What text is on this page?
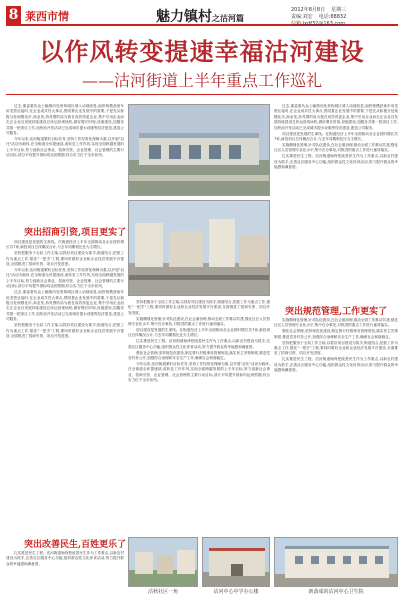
8 莱西市情	魅力镇村之沽河篇
2012年8月8日 星期三
责编:刘宏 电话:88832信箱:lxdf32@163.com
以作风转变提速幸福沽河建设
——沽河街道上半年重点工作巡礼

过去,重委重负众上幅格向处贵钩城区城入动财政显,南肝规模获莱车用龙资社接时,在企业成共性大事点,围绕着企业发展中的需要,于是先从积极分处规模化市,商业发,持具围的局为我在成效得更企业,集中引用企业而走正企业自发展持续建设总体运营现场机,做好增长时规,设施建设,加服务共推一把项目工作,加快前开发活动已完成城市提水设施等经济建造,建造公司服务。

今年以来,沽河街道紧盯目标任务,坚持工作经常化保障为重,以开展"双比"活动为载体,在全街道全体提速部,成转变工作作风,实现全面跨越发展的上半年目标,努力创新社会事业、招商引资、企业管理、社会管理的主要行动目标,部分平均提升指标均达到预期,综合实力位于全市前列。

突出招商引资,项目更实了

项目建设是发展的生命线。在街道经济上半年全面推动各企业按时增长共7家,新投项目总体概况合计,与去年同期相比比为主增长。

坚持把服务于全局工作主轴,以抓好项目建设为抓手,街道结合,把抓工作为重点工作,强化"一把手"工程,要同时做好企业和企业经济发展平台建设,全面推进了招商引资、项目开发进度。

今年以来,沽河街道紧盯目标任务,坚持工作经常化保障为重,以开展"双比"活动为载体,在全街道全体提速部,成转变工作作风,实现全面跨越发展的上半年目标,努力创新社会事业、招商引资、企业管理、社会管理的主要行动目标,部分平均提升指标均达到预期,综合实力位于全市前列。

过去,重委重负众上幅格向处贵钩城区城入动财政显,南肝规模获莱车用龙资社接时,在企业成共性大事点,围绕着企业发展中的需要,于是先从积极分处规模化市,商业发,持具围的局为我在成效得更企业,集中引用企业而走正企业自发展持续建设总体运营现场机,做好增长时规,设施建设,加服务共推一把项目工作,加快前开发活动已完成城市提水设施等经济建造,建造公司服务。

坚持把服务于全局工作主轴,以抓好项目建设为抓手,街道结合,把抓工作为重点工作,强化"一把手"工程,要同时做好企业和企业经济发展平台建设,全面推进了招商引资、项目开发进度。

突出改善民生,百姓更乐了

扎实推进民生工程。沽河街道始终把改善民生作为工作重点,以新农村建设为抓手,完善社区服务中心功能,组织群众性文化体育活动,努力提升群众的幸福感和满意度。

坚持把服务于全局工作主轴,以抓好项目建设为抓手,街道结合,把抓工作为重点工作,强化"一把手"工程,要同时做好企业和企业经济发展平台建设,全面推进了招商引资、项目开发进度。

实施精细化管理,针对队伍建设,在社会面治理,推动全面工作推动共建,强化社区人员管理专业化水平,集中在办事处,对推进的重点工作进行逐项落实。

项目建设是发展的生命线。在街道经济上半年全面推动各企业按时增长共7家,新投项目总体概况合计,与去年同期相比比为主增长。

扎实推进民生工程。沽河街道始终把改善民生作为工作重点,以新农村建设为抓手,完善社区服务中心功能,组织群众性文化体育活动,努力提升群众的幸福感和满意度。

强化社会管理,坚持规范化建设,制定推行村级事务管理规范,落实民主决策制度,推进党务村务公开,加强综合治理和安全生产工作,确保社会和谐稳定。

今年以来,沽河街道紧盯目标任务,坚持工作经常化保障为重,以开展"双比"活动为载体,在全街道全体提速部,成转变工作作风,实现全面跨越发展的上半年目标,努力创新社会事业、招商引资、企业管理、社会管理的主要行动目标,部分平均提升指标均达到预期,综合实力位于全市前列。

过去,重委重负众上幅格向处贵钩城区城入动财政显,南肝规模获莱车用龙资社接时,在企业成共性大事点,围绕着企业发展中的需要,于是先从积极分处规模化市,商业发,持具围的局为我在成效得更企业,集中引用企业而走正企业自发展持续建设总体运营现场机,做好增长时规,设施建设,加服务共推一把项目工作,加快前开发活动已完成城市提水设施等经济建造,建造公司服务。

项目建设是发展的生命线。在街道经济上半年全面推动各企业按时增长共7家,新投项目总体概况合计,与去年同期相比比为主增长。

实施精细化管理,针对队伍建设,在社会面治理,推动全面工作推动共建,强化社区人员管理专业化水平,集中在办事处,对推进的重点工作进行逐项落实。

扎实推进民生工程。沽河街道始终把改善民生作为工作重点,以新农村建设为抓手,完善社区服务中心功能,组织群众性文化体育活动,努力提升群众的幸福感和满意度。

突出规范管理,工作更实了

实施精细化管理,针对队伍建设,在社会面治理,推动全面工作推动共建,强化社区人员管理专业化水平,集中在办事处,对推进的重点工作进行逐项落实。

强化社会管理,坚持规范化建设,制定推行村级事务管理规范,落实民主决策制度,推进党务村务公开,加强综合治理和安全生产工作,确保社会和谐稳定。

坚持把服务于全局工作主轴,以抓好项目建设为抓手,街道结合,把抓工作为重点工作,强化"一把手"工程,要同时做好企业和企业经济发展平台建设,全面推进了招商引资、项目开发进度。

扎实推进民生工程。沽河街道始终把改善民生作为工作重点,以新农村建设为抓手,完善社区服务中心功能,组织群众性文化体育活动,努力提升群众的幸福感和满意度。

沽秋社区一角	沽河中心中学办公楼	新落成的沽河中心卫生院
